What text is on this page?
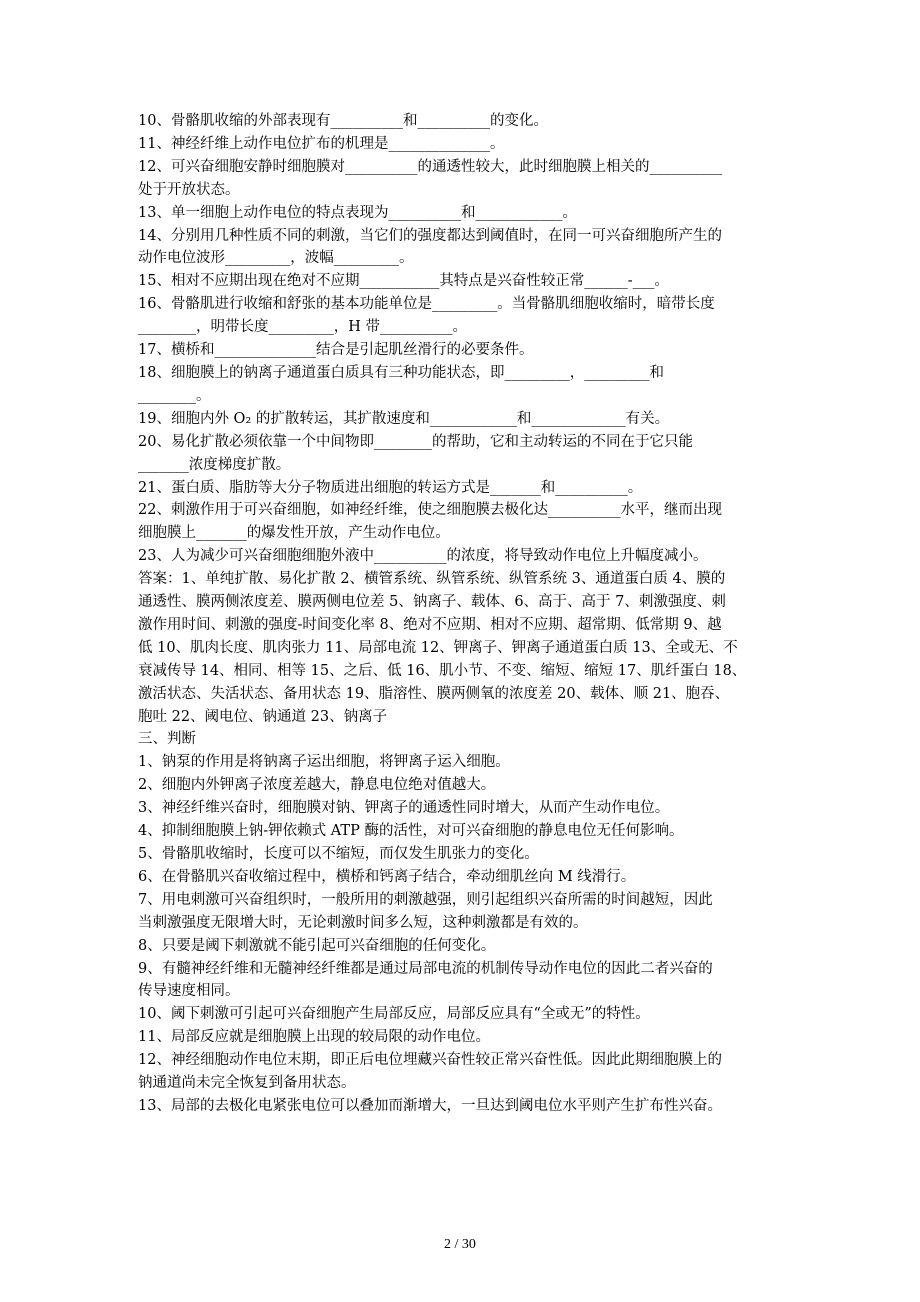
10、骨骼肌收缩的外部表现有__________和__________的变化。
11、神经纤维上动作电位扩布的机理是______________。
12、可兴奋细胞安静时细胞膜对__________的通透性较大，此时细胞膜上相关的__________
处于开放状态。
13、单一细胞上动作电位的特点表现为__________和____________。
14、分别用几种性质不同的刺激，当它们的强度都达到阈值时，在同一可兴奋细胞所产生的
动作电位波形_________，波幅_________。
15、相对不应期出现在绝对不应期___________其特点是兴奋性较正常______-___。
16、骨骼肌进行收缩和舒张的基本功能单位是_________。当骨骼肌细胞收缩时，暗带长度
________，明带长度_________，H 带__________。
17、横桥和______________结合是引起肌丝滑行的必要条件。
18、细胞膜上的钠离子通道蛋白质具有三种功能状态，即_________，_________和
________。
19、细胞内外 O₂ 的扩散转运，其扩散速度和____________和_____________有关。
20、易化扩散必须依靠一个中间物即________的帮助，它和主动转运的不同在于它只能
_______浓度梯度扩散。
21、蛋白质、脂肪等大分子物质进出细胞的转运方式是_______和__________。
22、刺激作用于可兴奋细胞，如神经纤维，使之细胞膜去极化达__________水平，继而出现
细胞膜上_______的爆发性开放，产生动作电位。
23、人为减少可兴奋细胞细胞外液中__________的浓度，将导致动作电位上升幅度减小。
答案：1、单纯扩散、易化扩散 2、横管系统、纵管系统、纵管系统 3、通道蛋白质 4、膜的
通透性、膜两侧浓度差、膜两侧电位差 5、钠离子、载体、6、高于、高于 7、刺激强度、刺
激作用时间、刺激的强度-时间变化率 8、绝对不应期、相对不应期、超常期、低常期 9、越
低 10、肌肉长度、肌肉张力 11、局部电流 12、钾离子、钾离子通道蛋白质 13、全或无、不
衰减传导 14、相同、相等 15、之后、低 16、肌小节、不变、缩短、缩短 17、肌纤蛋白 18、
激活状态、失活状态、备用状态 19、脂溶性、膜两侧氧的浓度差 20、载体、顺 21、胞吞、
胞吐 22、阈电位、钠通道 23、钠离子
三、判断
1、钠泵的作用是将钠离子运出细胞，将钾离子运入细胞。
2、细胞内外钾离子浓度差越大，静息电位绝对值越大。
3、神经纤维兴奋时，细胞膜对钠、钾离子的通透性同时增大，从而产生动作电位。
4、抑制细胞膜上钠-钾依赖式 ATP 酶的活性，对可兴奋细胞的静息电位无任何影响。
5、骨骼肌收缩时，长度可以不缩短，而仅发生肌张力的变化。
6、在骨骼肌兴奋收缩过程中，横桥和钙离子结合，牵动细肌丝向 M 线滑行。
7、用电刺激可兴奋组织时，一般所用的刺激越强，则引起组织兴奋所需的时间越短，因此
当刺激强度无限增大时，无论刺激时间多么短，这种刺激都是有效的。
8、只要是阈下刺激就不能引起可兴奋细胞的任何变化。
9、有髓神经纤维和无髓神经纤维都是通过局部电流的机制传导动作电位的因此二者兴奋的
传导速度相同。
10、阈下刺激可引起可兴奋细胞产生局部反应，局部反应具有“全或无”的特性。
11、局部反应就是细胞膜上出现的较局限的动作电位。
12、神经细胞动作电位末期，即正后电位埋藏兴奋性较正常兴奋性低。因此此期细胞膜上的
钠通道尚未完全恢复到备用状态。
13、局部的去极化电紧张电位可以叠加而渐增大，一旦达到阈电位水平则产生扩布性兴奋。
2 / 30
